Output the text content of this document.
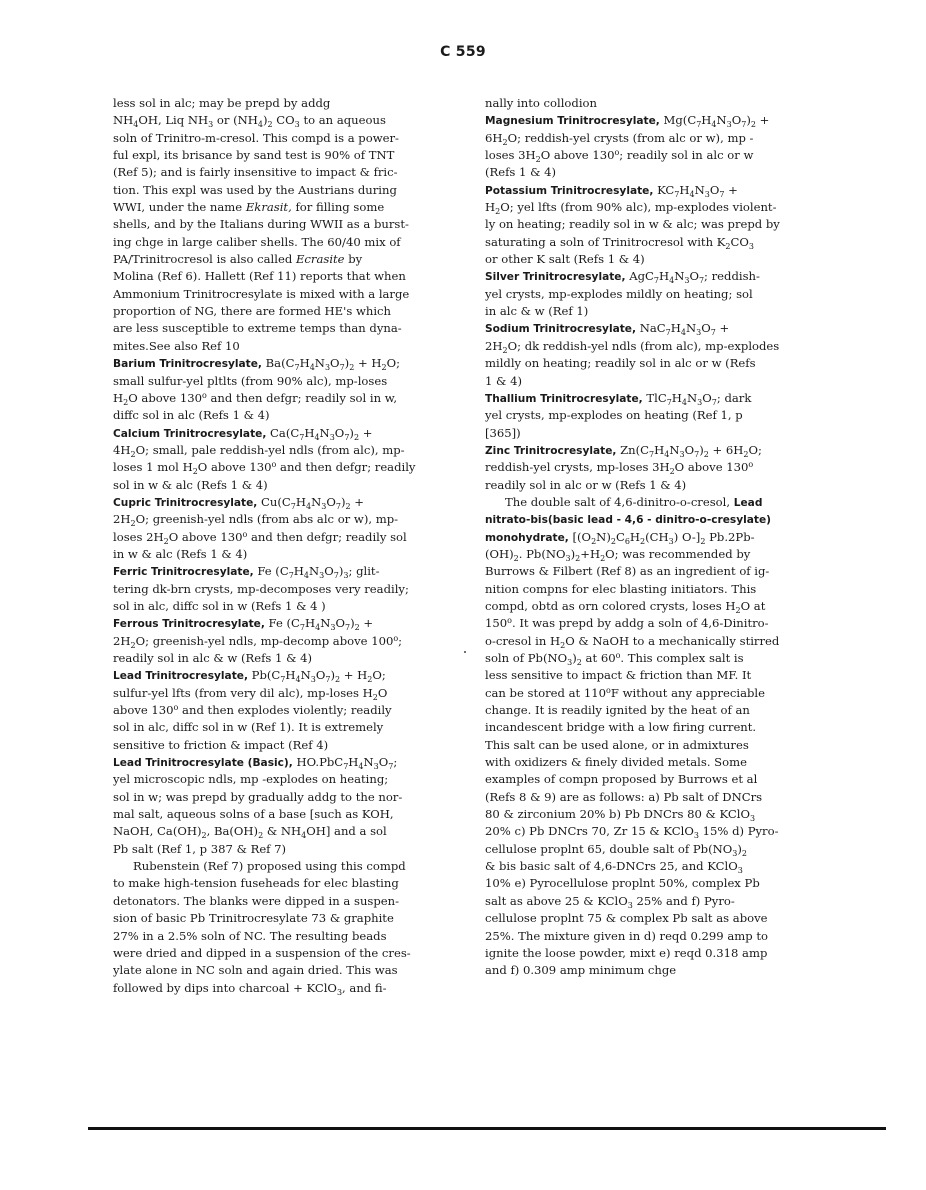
C 559
less sol in alc; may be prepd by addg
$NH_4OH$, Liq $NH_3$ or $(NH_4)_2$ $CO_3$ to an aqueous
soln of Trinitro-m-cresol. This compd is a power-
ful expl, its brisance by sand test is 90% of TNT
(Ref 5); and is fairly insensitive to impact & fric-
tion. This expl was used by the Austrians during
WWI, under the name Ekrasit, for filling some
shells, and by the Italians during WWII as a burst-
ing chge in large caliber shells. The 60/40 mix of
PA/Trinitrocresol is also called Ecrasite by
Molina (Ref 6). Hallett (Ref 11) reports that when
Ammonium Trinitrocresylate is mixed with a large
proportion of NG, there are formed HE's which
are less susceptible to extreme temps than dyna-
mites.See also Ref 10
Barium Trinitrocresylate, $Ba(C_7H_4N_3O_7)_2 + H_2O$;
small sulfur-yel pltlts (from 90% alc), mp-loses
$H_2O$ above 130$^o$ and then defgr; readily sol in w,
diffc sol in alc (Refs 1 & 4)
Calcium Trinitrocresylate, $Ca(C_7H_4N_3O_7)_2$ +
$4H_2O$; small, pale reddish-yel ndls (from alc), mp-
loses 1 mol $H_2O$ above 130$^o$ and then defgr; readily
sol in w & alc (Refs 1 & 4)
Cupric Trinitrocresylate, $Cu(C_7H_4N_3O_7)_2$ +
$2H_2O$; greenish-yel ndls (from abs alc or w), mp-
loses $2H_2O$ above 130$^o$ and then defgr; readily sol
in w & alc (Refs 1 & 4)
Ferric Trinitrocresylate, Fe $(C_7H_4N_3O_7)_3$; glit-
tering dk-brn crysts, mp-decomposes very readily;
sol in alc, diffc sol in w (Refs 1 & 4 )
Ferrous Trinitrocresylate, Fe $(C_7H_4N_3O_7)_2$ +
$2H_2O$; greenish-yel ndls, mp-decomp above 100$^o$;
readily sol in alc & w (Refs 1 & 4)
Lead Trinitrocresylate, $Pb(C_7H_4N_3O_7)_2 + H_2O$;
sulfur-yel lfts (from very dil alc), mp-loses $H_2O$
above 130$^o$ and then explodes violently; readily
sol in alc, diffc sol in w (Ref 1). It is extremely
sensitive to friction & impact (Ref 4)
Lead Trinitrocresylate (Basic), $HO.PbC_7H_4N_3O_7$;
yel microscopic ndls, mp -explodes on heating;
sol in w; was prepd by gradually addg to the nor-
mal salt, aqueous solns of a base [such as KOH,
NaOH, $Ca(OH)_2$, $Ba(OH)_2$ & $NH_4OH$] and a sol
Pb salt (Ref 1, p 387 & Ref 7)
Rubenstein (Ref 7) proposed using this compd
to make high-tension fuseheads for elec blasting
detonators. The blanks were dipped in a suspen-
sion of basic Pb Trinitrocresylate 73 & graphite
27% in a 2.5% soln of NC. The resulting beads
were dried and dipped in a suspension of the cres-
ylate alone in NC soln and again dried. This was
followed by dips into charcoal + KClO$_3$, and fi-
nally into collodion
Magnesium Trinitrocresylate, $Mg(C_7H_4N_3O_7)_2$ +
$6H_2O$; reddish-yel crysts (from alc or w), mp -
loses $3H_2O$ above 130$^o$; readily sol in alc or w
(Refs 1 & 4)
Potassium Trinitrocresylate, $KC_7H_4N_3O_7$ +
$H_2O$; yel lfts (from 90% alc), mp-explodes violent-
ly on heating; readily sol in w & alc; was prepd by
saturating a soln of Trinitrocresol with $K_2CO_3$
or other K salt (Refs 1 & 4)
Silver Trinitrocresylate, $AgC_7H_4N_3O_7$; reddish-
yel crysts, mp-explodes mildly on heating; sol
in alc & w (Ref 1)
Sodium Trinitrocresylate, $NaC_7H_4N_3O_7$ +
$2H_2O$; dk reddish-yel ndls (from alc), mp-explodes
mildly on heating; readily sol in alc or w (Refs
1 & 4)
Thallium Trinitrocresylate, $TlC_7H_4N_3O_7$; dark
yel crysts, mp-explodes on heating (Ref 1, p
[365])
Zinc Trinitrocresylate, $Zn(C_7H_4N_3O_7)_2 + 6H_2O$;
reddish-yel crysts, mp-loses $3H_2O$ above 130$^o$
readily sol in alc or w (Refs 1 & 4)
The double salt of 4,6-dinitro-o-cresol, Lead
nitrato-bis(basic lead - 4,6 - dinitro-o-cresylate)
monohydrate, [$(O_2N)_2C_6H_2(CH_3)$ $O-]_2$ Pb.2Pb-
$(OH)_2$. $Pb(NO_3)_2+H_2O$; was recommended by
Burrows & Filbert (Ref 8) as an ingredient of ig-
nition compns for elec blasting initiators. This
compd, obtd as orn colored crysts, loses $H_2O$ at
150$^o$. It was prepd by addg a soln of 4,6-Dinitro-
o-cresol in $H_2O$ & NaOH to a mechanically stirred
soln of $Pb(NO_3)_2$ at 60$^o$. This complex salt is
less sensitive to impact & friction than MF. It
can be stored at 110$^o$F without any appreciable
change. It is readily ignited by the heat of an
incandescent bridge with a low firing current.
This salt can be used alone, or in admixtures
with oxidizers & finely divided metals. Some
examples of compn proposed by Burrows et al
(Refs 8 & 9) are as follows: a) Pb salt of DNCrs
80 & zirconium 20% b) Pb DNCrs 80 & KClO$_3$
20% c) Pb DNCrs 70, Zr 15 & KClO$_3$ 15% d) Pyro-
cellulose proplnt 65, double salt of $Pb(NO_3)_2$
& bis basic salt of 4,6-DNCrs 25, and KClO$_3$
10% e) Pyrocellulose proplnt 50%, complex Pb
salt as above 25 & KClO$_3$ 25% and f) Pyro-
cellulose proplnt 75 & complex Pb salt as above
25%. The mixture given in d) reqd 0.299 amp to
ignite the loose powder, mixt e) reqd 0.318 amp
and f) 0.309 amp minimum chge
